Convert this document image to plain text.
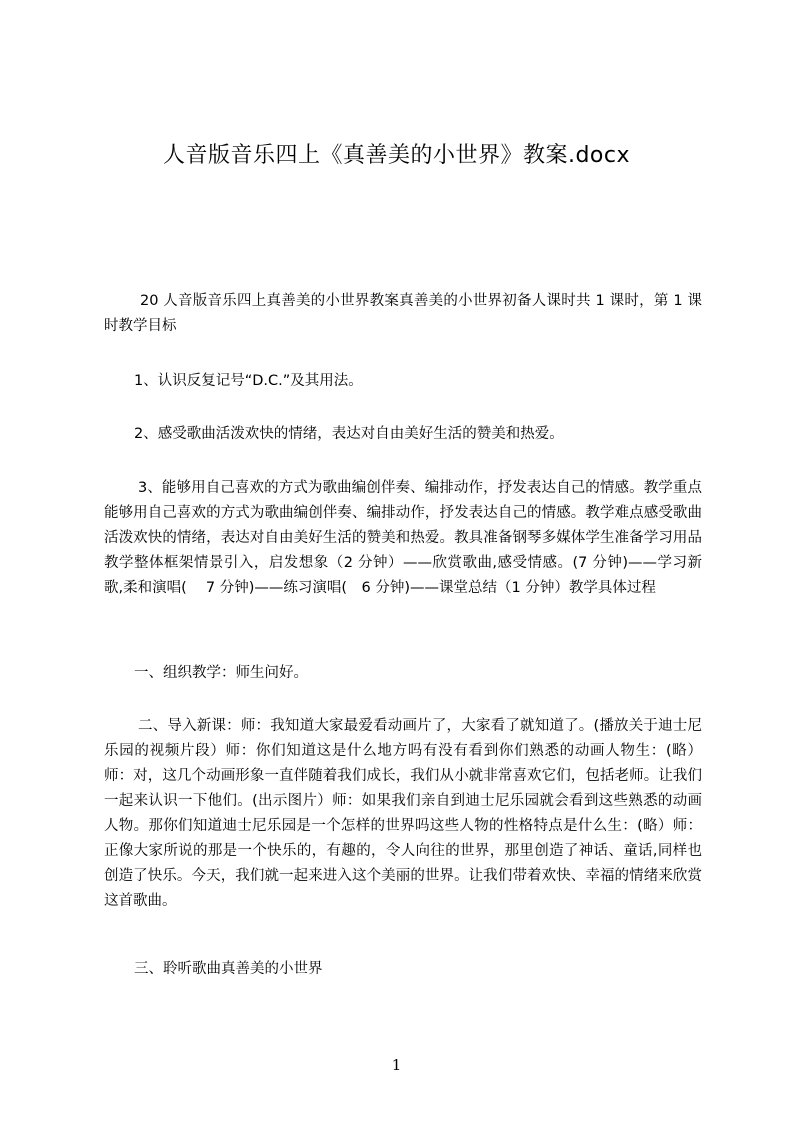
人音版音乐四上《真善美的小世界》教案.docx

20 人音版音乐四上真善美的小世界教案真善美的小世界初备人课时共 1 课时，第 1 课时教学目标

1、认识反复记号“D.C.”及其用法。

2、感受歌曲活泼欢快的情绪，表达对自由美好生活的赞美和热爱。

3、能够用自己喜欢的方式为歌曲编创伴奏、编排动作，抒发表达自己的情感。教学重点能够用自己喜欢的方式为歌曲编创伴奏、编排动作，抒发表达自己的情感。教学难点感受歌曲活泼欢快的情绪，表达对自由美好生活的赞美和热爱。教具准备钢琴多媒体学生准备学习用品教学整体框架情景引入，启发想象（2 分钟）——欣赏歌曲,感受情感。(7 分钟)——学习新歌,柔和演唱(　 7 分钟)——练习演唱(　6 分钟)——课堂总结（1 分钟）教学具体过程

一、组织教学：师生问好。

二、导入新课：师：我知道大家最爱看动画片了，大家看了就知道了。(播放关于迪士尼乐园的视频片段）师：你们知道这是什么地方吗有没有看到你们熟悉的动画人物生：(略）师：对，这几个动画形象一直伴随着我们成长，我们从小就非常喜欢它们，包括老师。让我们一起来认识一下他们。(出示图片）师：如果我们亲自到迪士尼乐园就会看到这些熟悉的动画人物。那你们知道迪士尼乐园是一个怎样的世界吗这些人物的性格特点是什么生：(略）师：正像大家所说的那是一个快乐的，有趣的，令人向往的世界，那里创造了神话、童话,同样也创造了快乐。今天，我们就一起来进入这个美丽的世界。让我们带着欢快、幸福的情绪来欣赏这首歌曲。

三、聆听歌曲真善美的小世界

1
